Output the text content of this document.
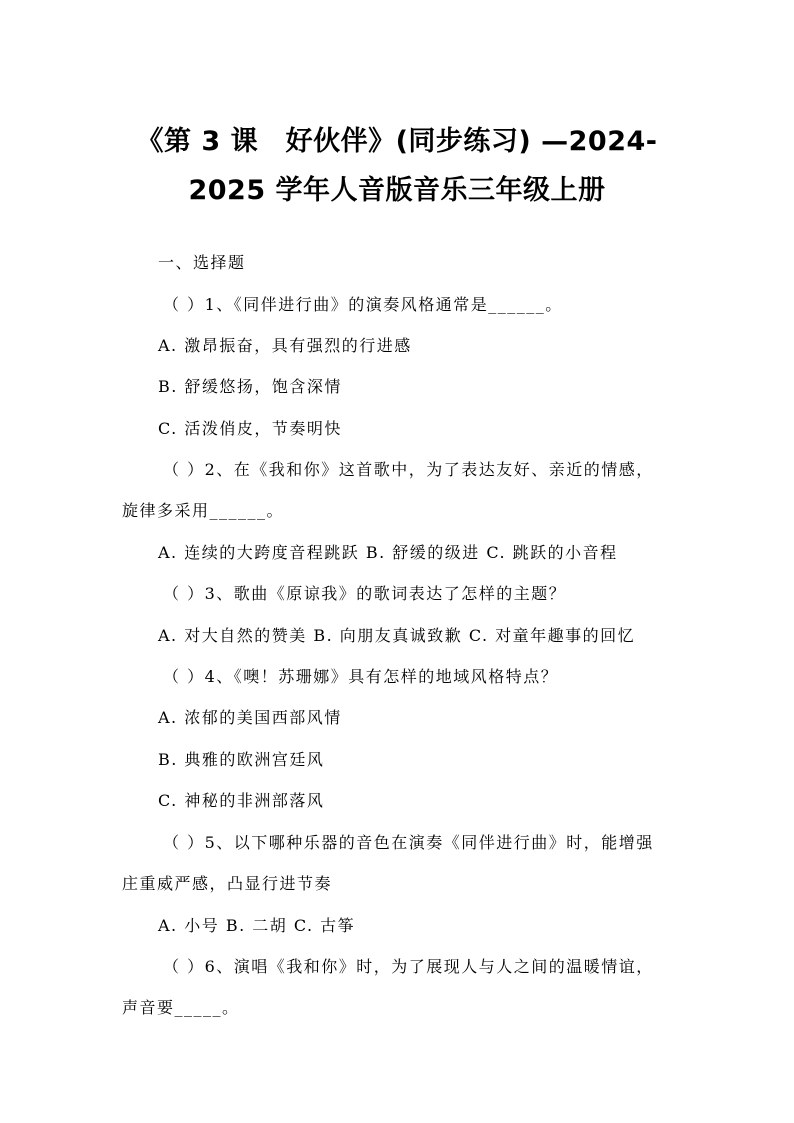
《第 3 课　好伙伴》(同步练习) —2024-
2025 学年人音版音乐三年级上册
一、选择题
（ ）1、《同伴进行曲》的演奏风格通常是______。
A. 激昂振奋，具有强烈的行进感
B. 舒缓悠扬，饱含深情
C. 活泼俏皮，节奏明快
（ ）2、在《我和你》这首歌中，为了表达友好、亲近的情感，
旋律多采用______。
A. 连续的大跨度音程跳跃 B. 舒缓的级进 C. 跳跃的小音程
（ ）3、歌曲《原谅我》的歌词表达了怎样的主题？
A. 对大自然的赞美 B. 向朋友真诚致歉 C. 对童年趣事的回忆
（ ）4、《噢！苏珊娜》具有怎样的地域风格特点？
A. 浓郁的美国西部风情
B. 典雅的欧洲宫廷风
C. 神秘的非洲部落风
（ ）5、以下哪种乐器的音色在演奏《同伴进行曲》时，能增强
庄重威严感，凸显行进节奏
A. 小号 B. 二胡 C. 古筝
（ ）6、演唱《我和你》时，为了展现人与人之间的温暖情谊，
声音要_____。
